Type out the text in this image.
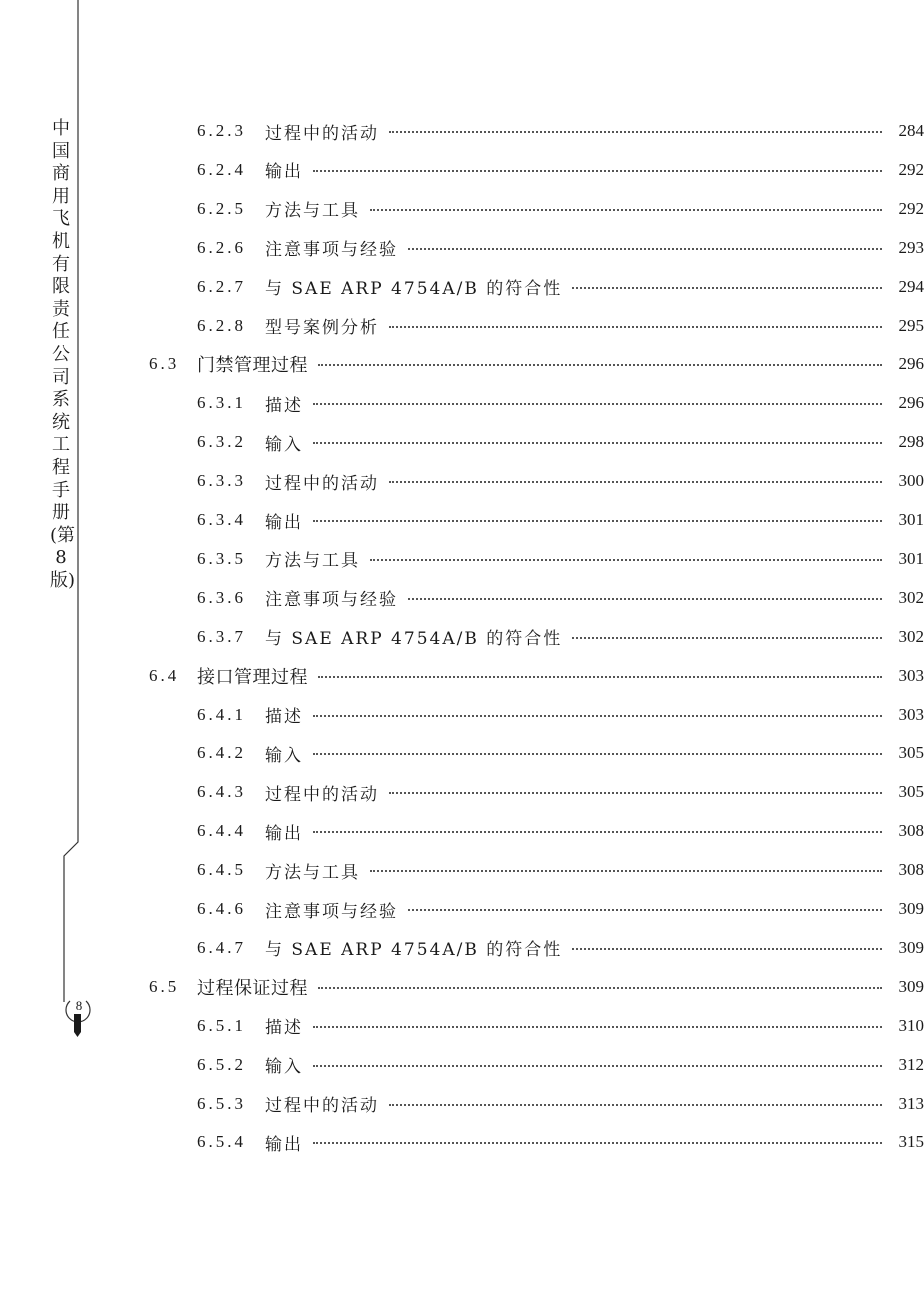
中国商用飞机有限责任公司系统工程手册(第8版)
8
6.2.3	过程中的活动	284
6.2.4	输出	292
6.2.5	方法与工具	292
6.2.6	注意事项与经验	293
6.2.7	与 SAE ARP 4754A/B 的符合性	294
6.2.8	型号案例分析	295
6.3 门禁管理过程	296
6.3.1	描述	296
6.3.2	输入	298
6.3.3	过程中的活动	300
6.3.4	输出	301
6.3.5	方法与工具	301
6.3.6	注意事项与经验	302
6.3.7	与 SAE ARP 4754A/B 的符合性	302
6.4 接口管理过程	303
6.4.1	描述	303
6.4.2	输入	305
6.4.3	过程中的活动	305
6.4.4	输出	308
6.4.5	方法与工具	308
6.4.6	注意事项与经验	309
6.4.7	与 SAE ARP 4754A/B 的符合性	309
6.5 过程保证过程	309
6.5.1	描述	310
6.5.2	输入	312
6.5.3	过程中的活动	313
6.5.4	输出	315
